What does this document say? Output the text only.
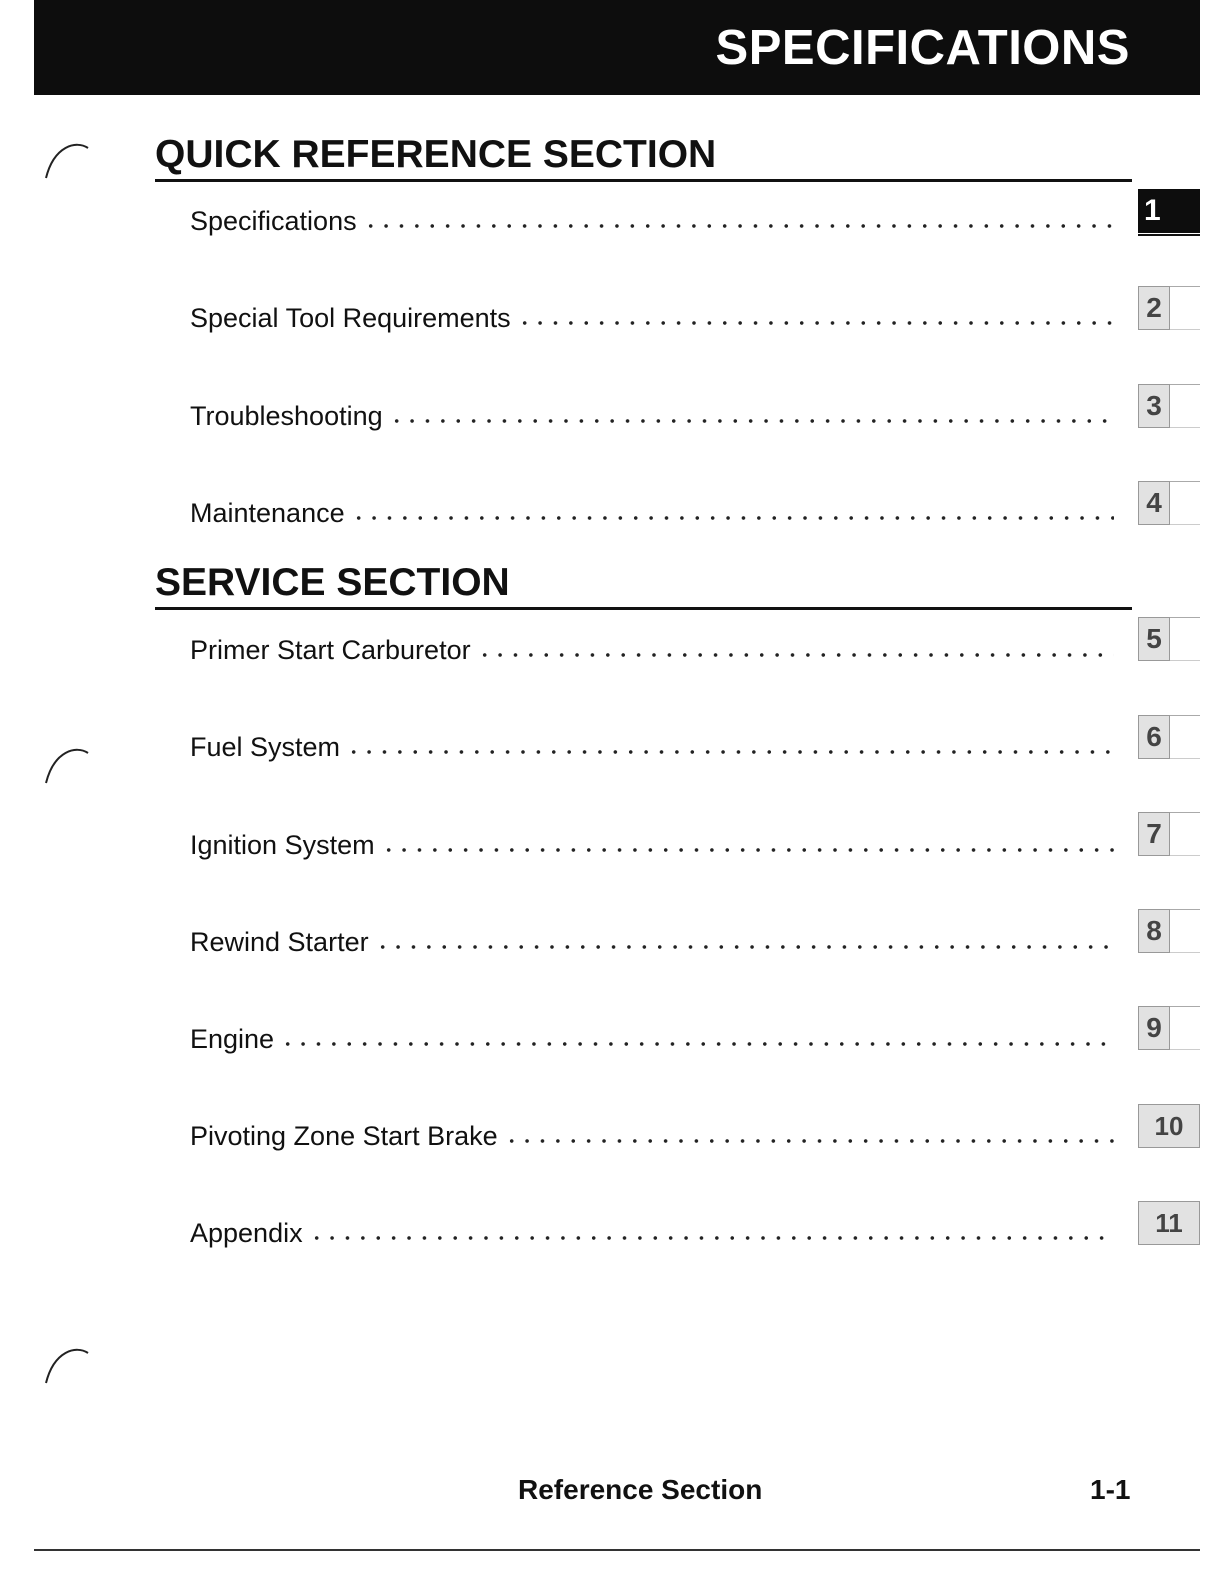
SPECIFICATIONS
QUICK REFERENCE SECTION
SERVICE SECTION
Specifications
Special Tool Requirements
Troubleshooting
Maintenance
Primer Start Carburetor
Fuel System
Ignition System
Rewind Starter
Engine
Pivoting Zone Start Brake
Appendix
1
2
3
4
5
6
7
8
9
10
11
Reference Section	1-1
